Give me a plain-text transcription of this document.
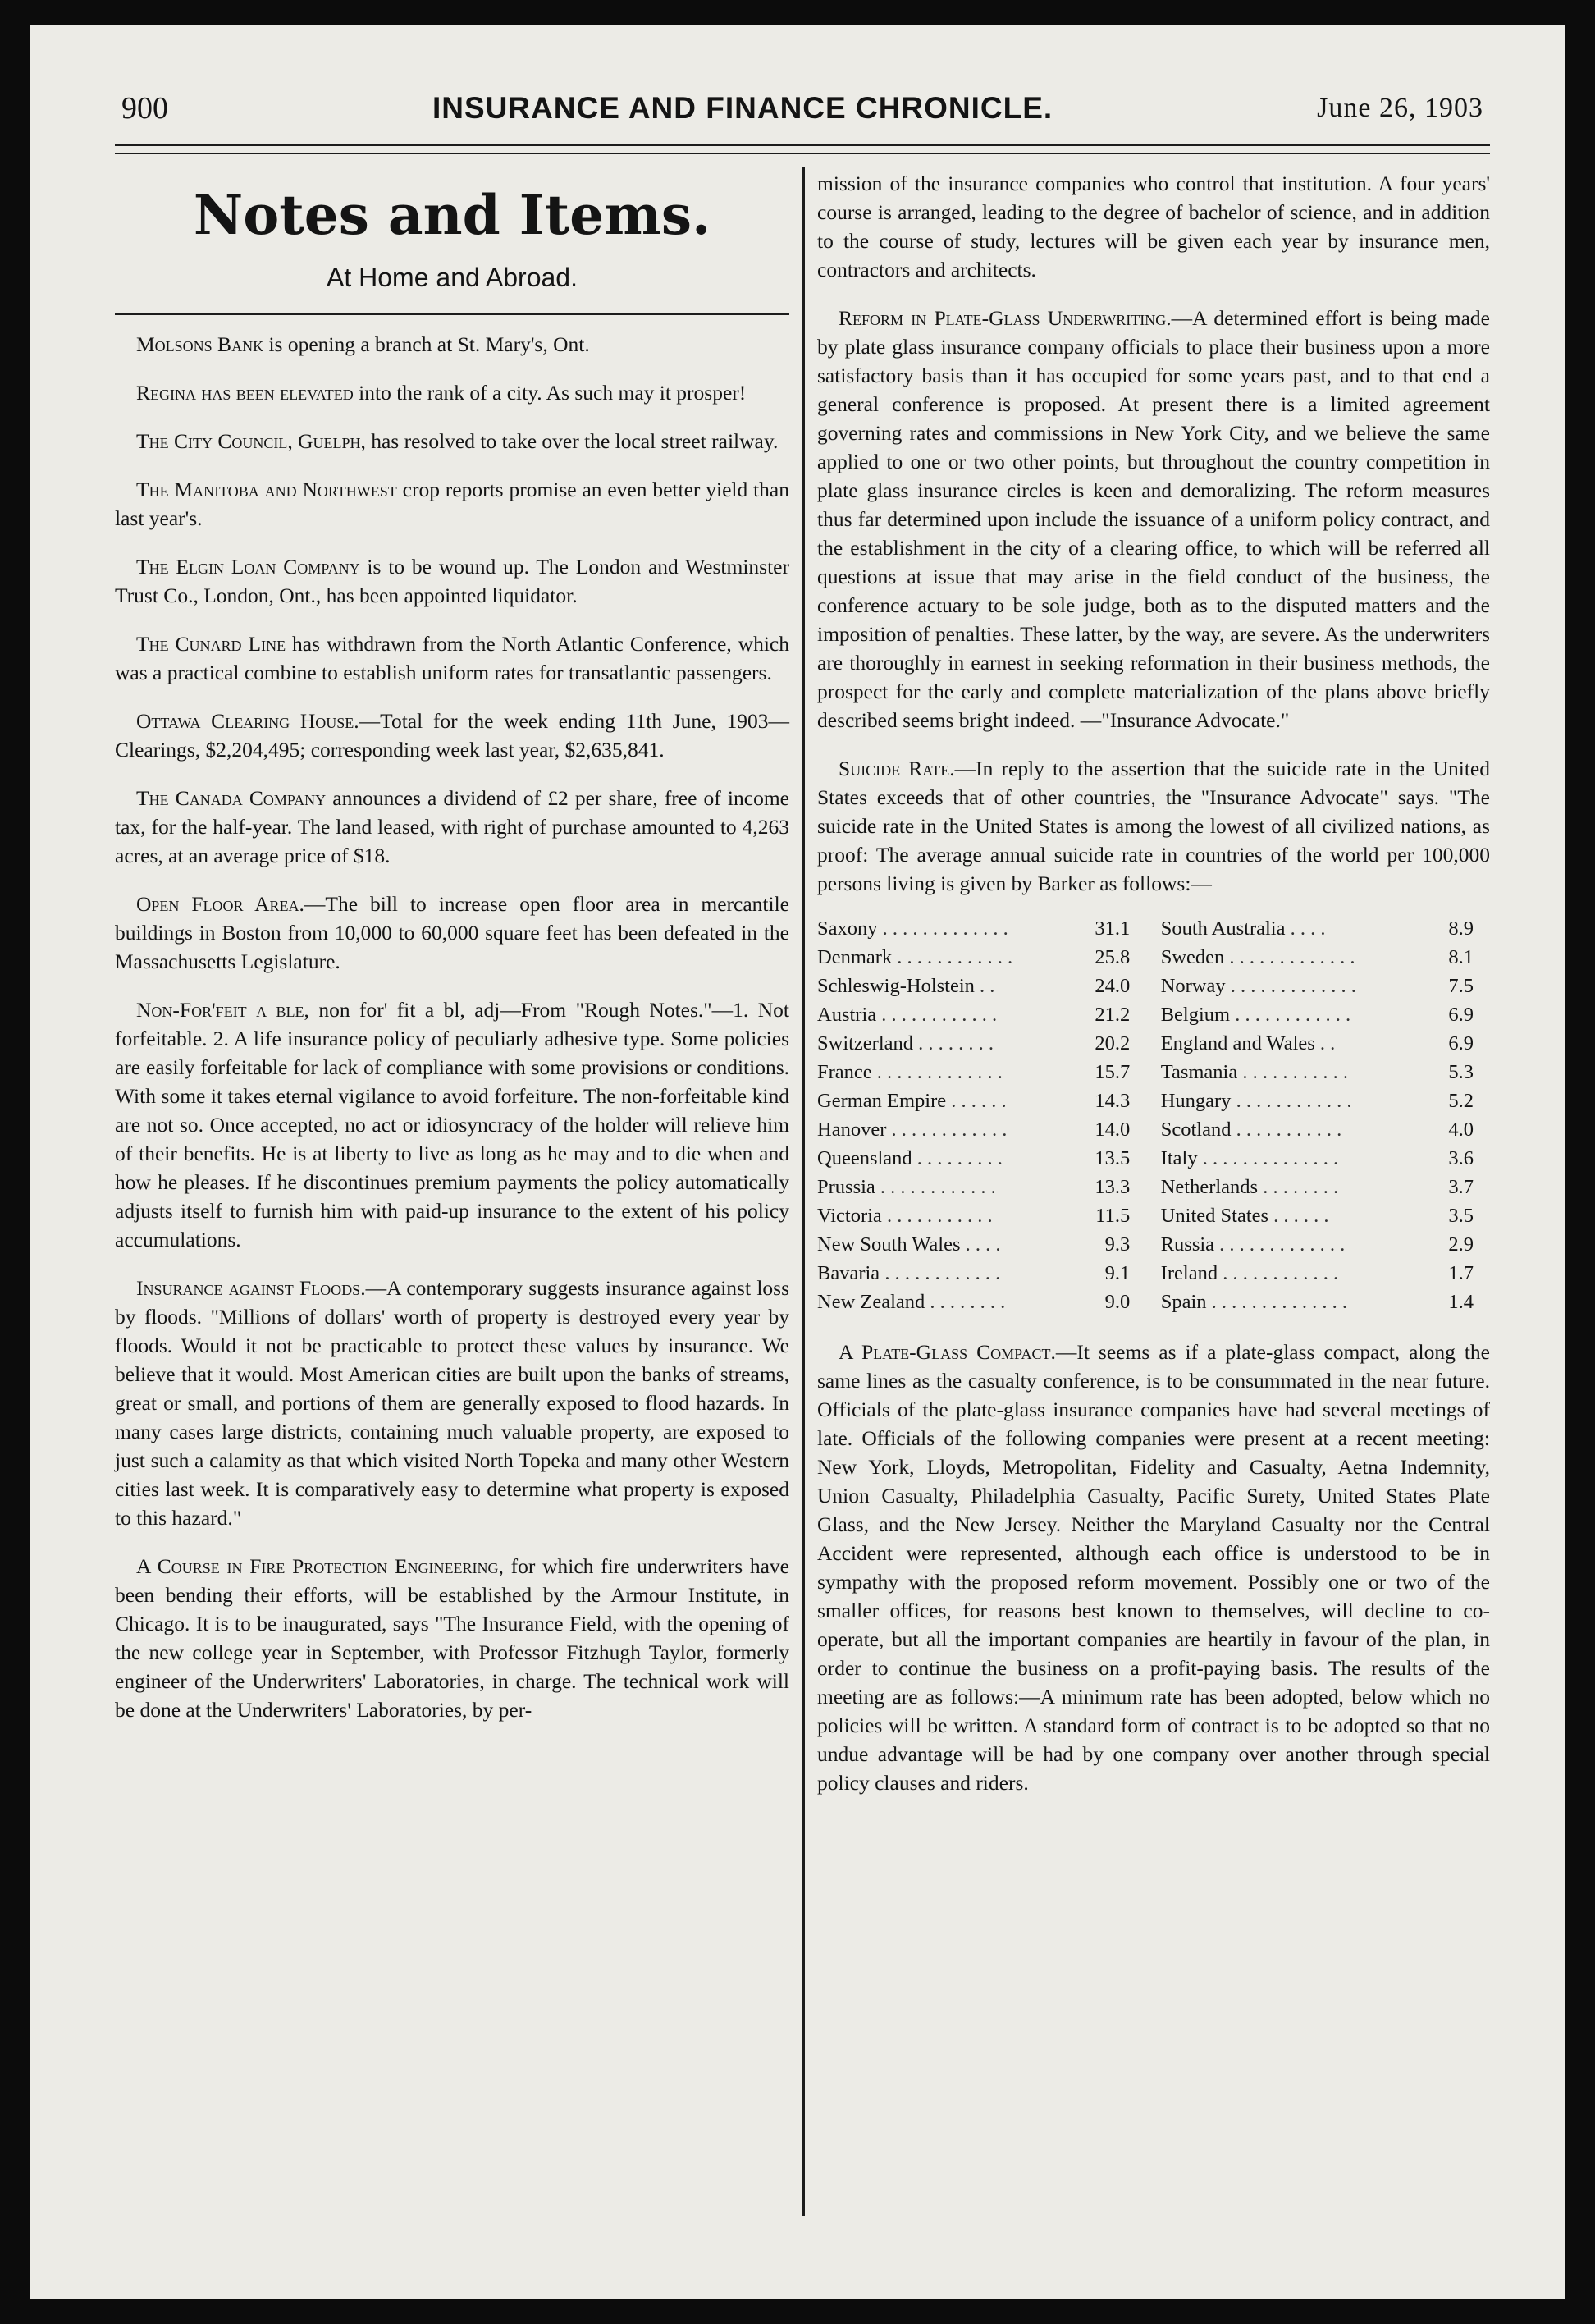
900	INSURANCE AND FINANCE CHRONICLE.	June 26, 1903
Notes and Items.
At Home and Abroad.

Molsons Bank is opening a branch at St. Mary's, Ont.

Regina has been elevated into the rank of a city. As such may it prosper!

The City Council, Guelph, has resolved to take over the local street railway.

The Manitoba and Northwest crop reports promise an even better yield than last year's.

The Elgin Loan Company is to be wound up. The London and Westminster Trust Co., London, Ont., has been appointed liquidator.

The Cunard Line has withdrawn from the North Atlantic Conference, which was a practical combine to establish uniform rates for transatlantic passengers.

Ottawa Clearing House.—Total for the week ending 11th June, 1903—Clearings, $2,204,495; corresponding week last year, $2,635,841.

The Canada Company announces a dividend of £2 per share, free of income tax, for the half-year. The land leased, with right of purchase amounted to 4,263 acres, at an average price of $18.

Open Floor Area.—The bill to increase open floor area in mercantile buildings in Boston from 10,000 to 60,000 square feet has been defeated in the Massachusetts Legislature.

Non-For'feit a ble, non for' fit a bl, adj—From "Rough Notes."—1. Not forfeitable. 2. A life insurance policy of peculiarly adhesive type. Some policies are easily forfeitable for lack of compliance with some provisions or conditions. With some it takes eternal vigilance to avoid forfeiture. The non-forfeitable kind are not so. Once accepted, no act or idiosyncracy of the holder will relieve him of their benefits. He is at liberty to live as long as he may and to die when and how he pleases. If he discontinues premium payments the policy automatically adjusts itself to furnish him with paid-up insurance to the extent of his policy accumulations.

Insurance against Floods.—A contemporary suggests insurance against loss by floods. "Millions of dollars' worth of property is destroyed every year by floods. Would it not be practicable to protect these values by insurance. We believe that it would. Most American cities are built upon the banks of streams, great or small, and portions of them are generally exposed to flood hazards. In many cases large districts, containing much valuable property, are exposed to just such a calamity as that which visited North Topeka and many other Western cities last week. It is comparatively easy to determine what property is exposed to this hazard."

A Course in Fire Protection Engineering, for which fire underwriters have been bending their efforts, will be established by the Armour Institute, in Chicago. It is to be inaugurated, says "The Insurance Field, with the opening of the new college year in September, with Professor Fitzhugh Taylor, formerly engineer of the Underwriters' Laboratories, in charge. The technical work will be done at the Underwriters' Laboratories, by per-

mission of the insurance companies who control that institution. A four years' course is arranged, leading to the degree of bachelor of science, and in addition to the course of study, lectures will be given each year by insurance men, contractors and architects.

Reform in Plate-Glass Underwriting.—A determined effort is being made by plate glass insurance company officials to place their business upon a more satisfactory basis than it has occupied for some years past, and to that end a general conference is proposed. At present there is a limited agreement governing rates and commissions in New York City, and we believe the same applied to one or two other points, but throughout the country competition in plate glass insurance circles is keen and demoralizing. The reform measures thus far determined upon include the issuance of a uniform policy contract, and the establishment in the city of a clearing office, to which will be referred all questions at issue that may arise in the field conduct of the business, the conference actuary to be sole judge, both as to the disputed matters and the imposition of penalties. These latter, by the way, are severe. As the underwriters are thoroughly in earnest in seeking reformation in their business methods, the prospect for the early and complete materialization of the plans above briefly described seems bright indeed. —"Insurance Advocate."

Suicide Rate.—In reply to the assertion that the suicide rate in the United States exceeds that of other countries, the "Insurance Advocate" says. "The suicide rate in the United States is among the lowest of all civilized nations, as proof: The average annual suicide rate in countries of the world per 100,000 persons living is given by Barker as follows:—

Saxony . . . . . . . . . . . . .	31.1		South Australia . . . .	8.9
Denmark . . . . . . . . . . . .	25.8		Sweden . . . . . . . . . . . . .	8.1
Schleswig-Holstein . .	24.0		Norway . . . . . . . . . . . . .	7.5
Austria . . . . . . . . . . . .	21.2		Belgium . . . . . . . . . . . .	6.9
Switzerland . . . . . . . .	20.2		England and Wales . .	6.9
France . . . . . . . . . . . . .	15.7		Tasmania . . . . . . . . . . .	5.3
German Empire . . . . . .	14.3		Hungary . . . . . . . . . . . .	5.2
Hanover . . . . . . . . . . . .	14.0		Scotland . . . . . . . . . . .	4.0
Queensland . . . . . . . . .	13.5		Italy . . . . . . . . . . . . . .	3.6
Prussia . . . . . . . . . . . .	13.3		Netherlands . . . . . . . .	3.7
Victoria . . . . . . . . . . .	11.5		United States . . . . . .	3.5
New South Wales . . . .	9.3		Russia . . . . . . . . . . . . .	2.9
Bavaria . . . . . . . . . . . .	9.1		Ireland . . . . . . . . . . . .	1.7
New Zealand . . . . . . . .	9.0		Spain . . . . . . . . . . . . . .	1.4

A Plate-Glass Compact.—It seems as if a plate-glass compact, along the same lines as the casualty conference, is to be consummated in the near future. Officials of the plate-glass insurance companies have had several meetings of late. Officials of the following companies were present at a recent meeting: New York, Lloyds, Metropolitan, Fidelity and Casualty, Aetna Indemnity, Union Casualty, Philadelphia Casualty, Pacific Surety, United States Plate Glass, and the New Jersey. Neither the Maryland Casualty nor the Central Accident were represented, although each office is understood to be in sympathy with the proposed reform movement. Possibly one or two of the smaller offices, for reasons best known to themselves, will decline to co-operate, but all the important companies are heartily in favour of the plan, in order to continue the business on a profit-paying basis. The results of the meeting are as follows:—A minimum rate has been adopted, below which no policies will be written. A standard form of contract is to be adopted so that no undue advantage will be had by one company over another through special policy clauses and riders.
